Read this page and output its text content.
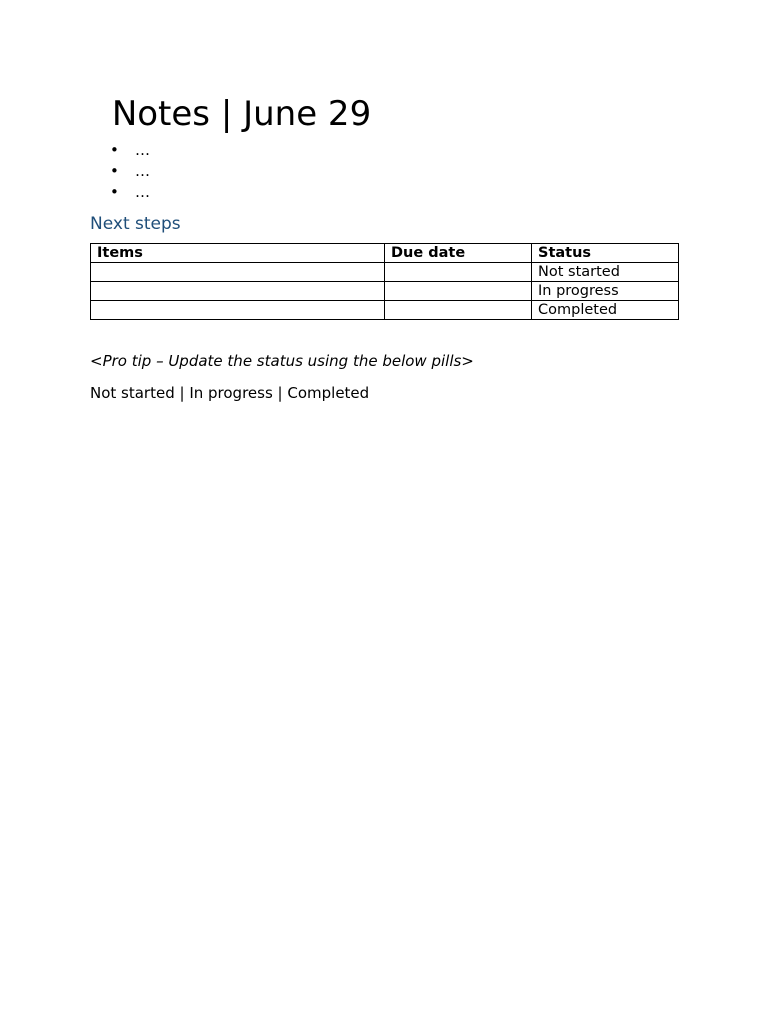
Notes | June 29
• …
• …
• …
Next steps
Items	Due date	Status
		Not started
		In progress
		Completed

<Pro tip – Update the status using the below pills>

Not started | In progress | Completed
